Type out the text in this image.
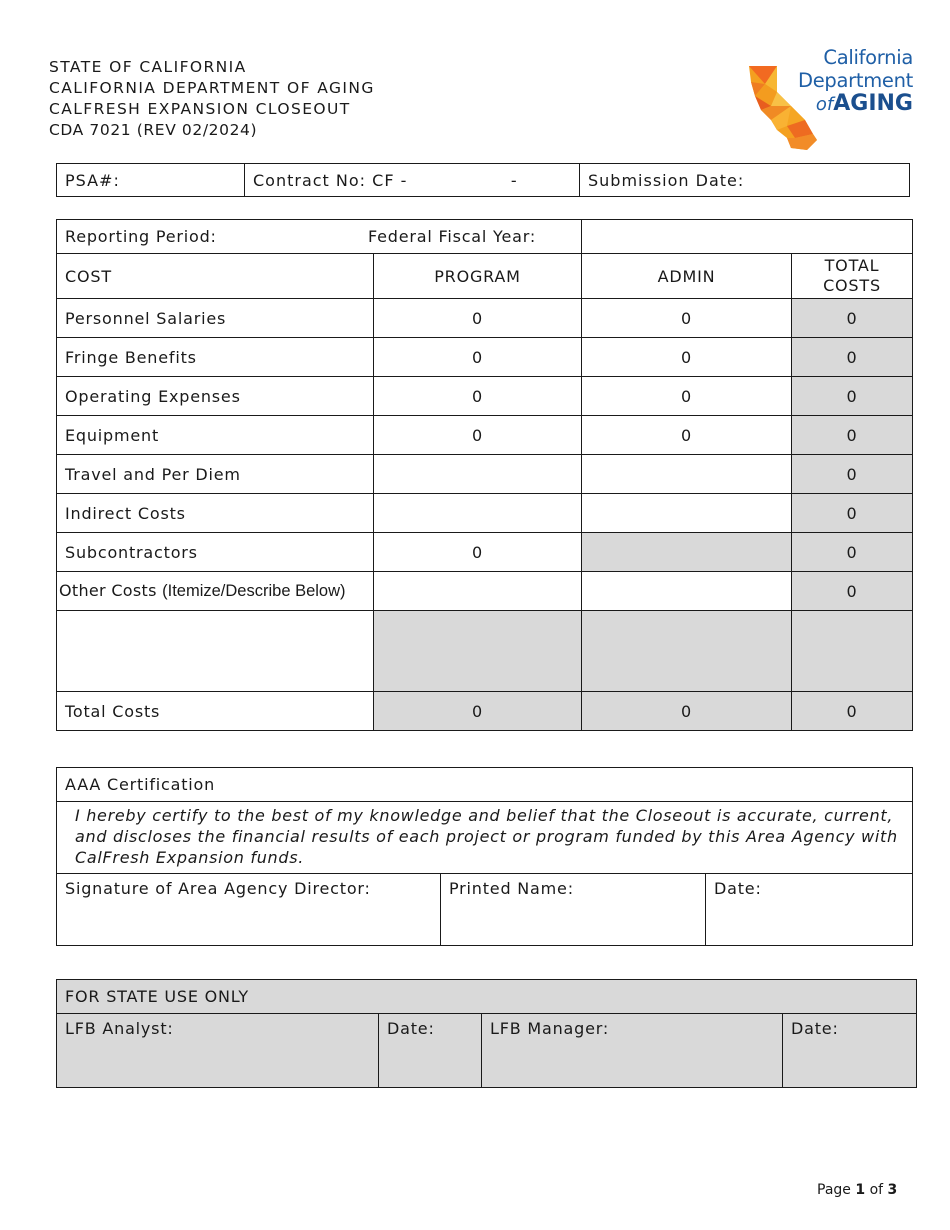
STATE OF CALIFORNIA
CALIFORNIA DEPARTMENT OF AGING
CALFRESH EXPANSION CLOSEOUT
CDA 7021 (REV 02/2024)
California
Department
ofAGING
PSA#:	Contract No: CF -                 -	Submission Date:
Reporting Period:		Federal Fiscal Year:	
COST	PROGRAM	ADMIN	TOTAL COSTS
Personnel Salaries	0	0	0
Fringe Benefits	0	0	0
Operating Expenses	0	0	0
Equipment	0	0	0
Travel and Per Diem			0
Indirect Costs			0
Subcontractors	0		0
Other Costs (Itemize/Describe Below)			0

Total Costs	0	0	0
AAA Certification
I hereby certify to the best of my knowledge and belief that the Closeout is accurate, current, and discloses the financial results of each project or program funded by this Area Agency with CalFresh Expansion funds.
Signature of Area Agency Director:	Printed Name:	Date:
FOR STATE USE ONLY
LFB Analyst:	Date:	LFB Manager:	Date:
Page 1 of 3
